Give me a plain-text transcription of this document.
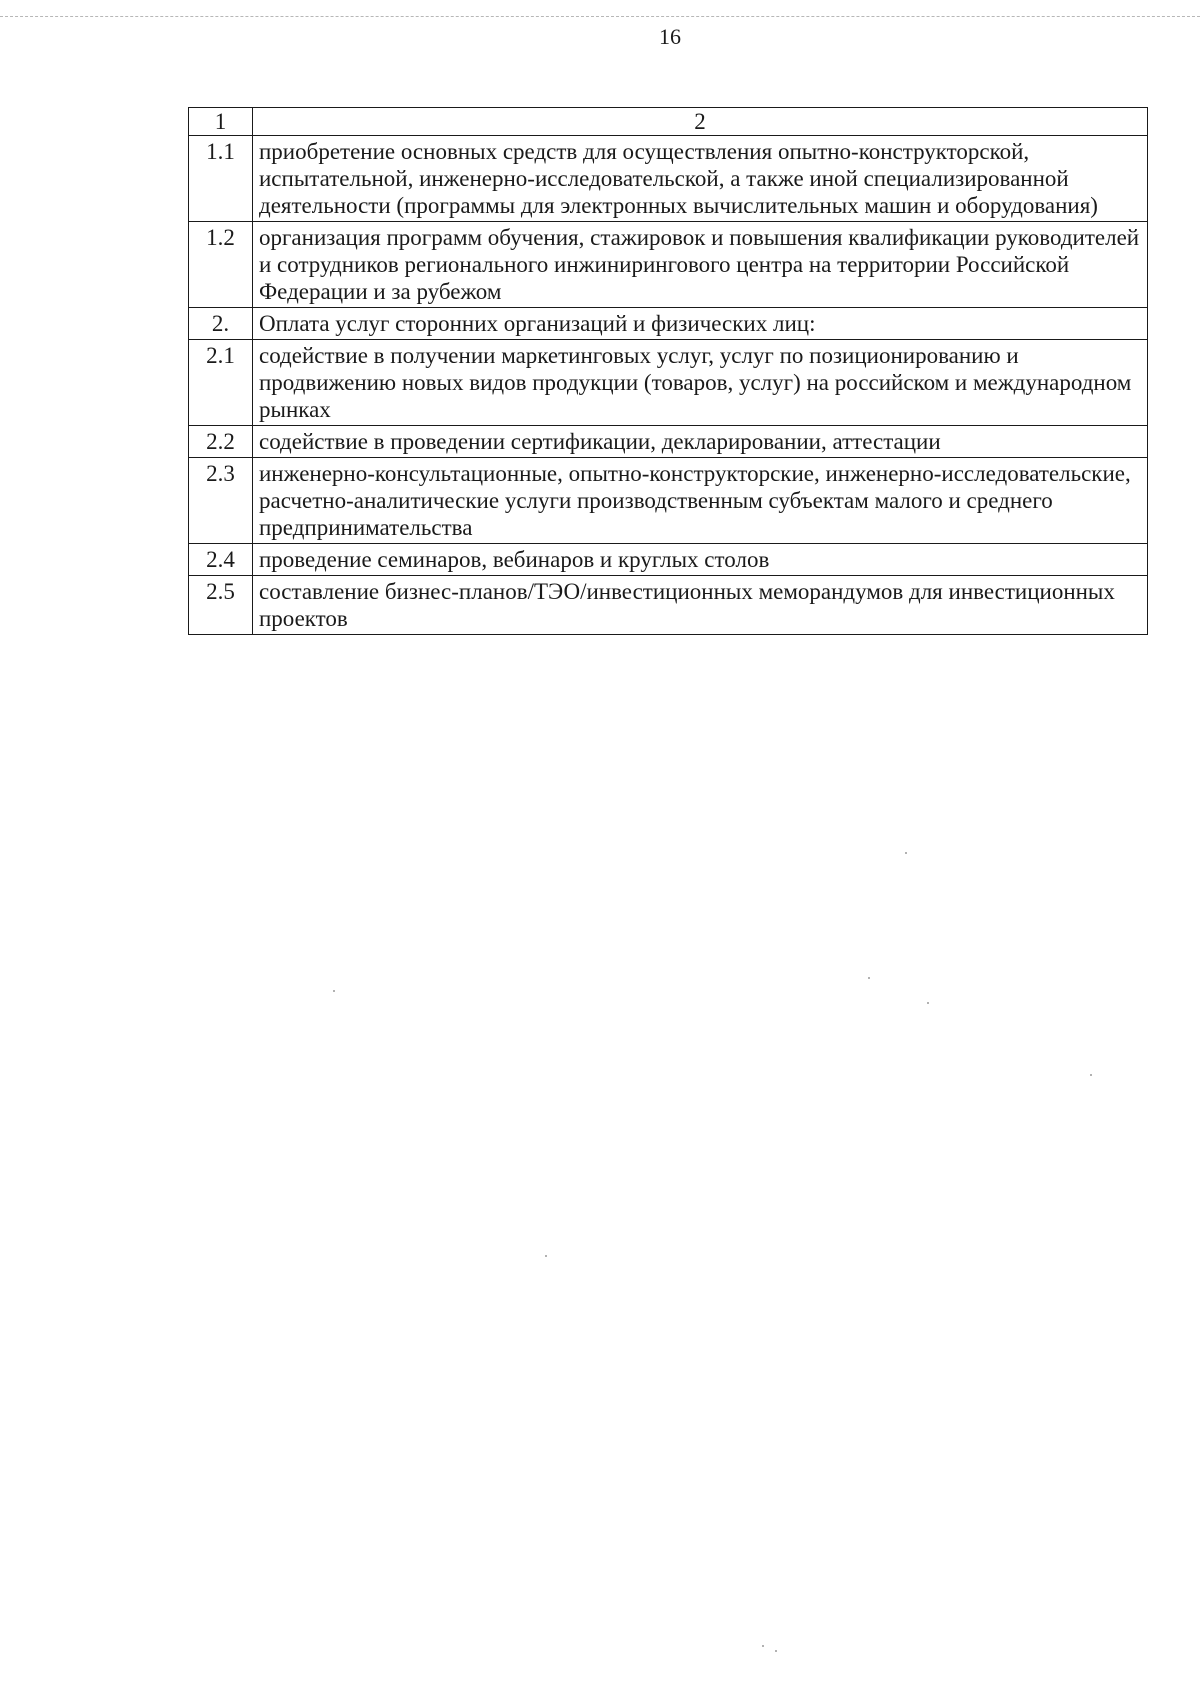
16
1	2
1.1	приобретение основных средств для осуществления опытно-конструкторской, испытательной, инженерно-исследовательской, а также иной специализированной деятельности (программы для электронных вычислительных машин и оборудования)
1.2	организация программ обучения, стажировок и повышения квалификации руководителей и сотрудников регионального инжинирингового центра на территории Российской Федерации и за рубежом
2.	Оплата услуг сторонних организаций и физических лиц:
2.1	содействие в получении маркетинговых услуг, услуг по позиционированию и продвижению новых видов продукции (товаров, услуг) на российском и международном рынках
2.2	содействие в проведении сертификации, декларировании, аттестации
2.3	инженерно-консультационные, опытно-конструкторские, инженерно-исследовательские, расчетно-аналитические услуги производственным субъектам малого и среднего предпринимательства
2.4	проведение семинаров, вебинаров и круглых столов
2.5	составление бизнес-планов/ТЭО/инвестиционных меморандумов для инвестиционных проектов
